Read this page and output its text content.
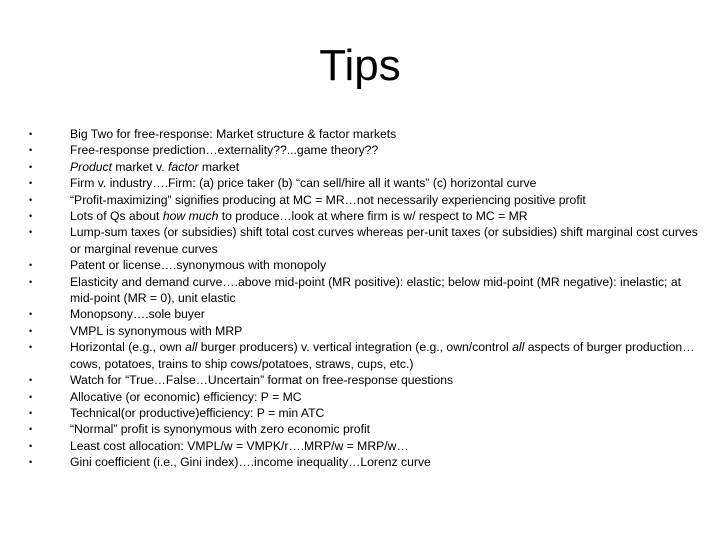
Tips
•	Big Two for free-response: Market structure & factor markets
•	Free-response prediction…externality??...game theory??
•	Product market v. factor market
•	Firm v. industry….Firm: (a) price taker (b) “can sell/hire all it wants” (c) horizontal curve
•	“Profit-maximizing” signifies producing at MC = MR…not necessarily experiencing positive profit
•	Lots of Qs about how much to produce…look at where firm is w/ respect to MC = MR
•	Lump-sum taxes (or subsidies) shift total cost curves whereas per-unit taxes (or subsidies) shift marginal cost curves or marginal revenue curves
•	Patent or license….synonymous with monopoly
•	Elasticity and demand curve….above mid-point (MR positive): elastic; below mid-point (MR negative): inelastic; at mid-point (MR = 0), unit elastic
•	Monopsony….sole buyer
•	VMPL is synonymous with MRP
•	Horizontal (e.g., own all burger producers) v. vertical integration (e.g., own/control all aspects of burger production…cows, potatoes, trains to ship cows/potatoes, straws, cups, etc.)
•	Watch for “True…False…Uncertain” format on free-response questions
•	Allocative (or economic) efficiency: P = MC
•	Technical(or productive)efficiency: P = min ATC
•	“Normal” profit is synonymous with zero economic profit
•	Least cost allocation: VMPL/w = VMPK/r….MRP/w = MRP/w…
•	Gini coefficient (i.e., Gini index)….income inequality…Lorenz curve
